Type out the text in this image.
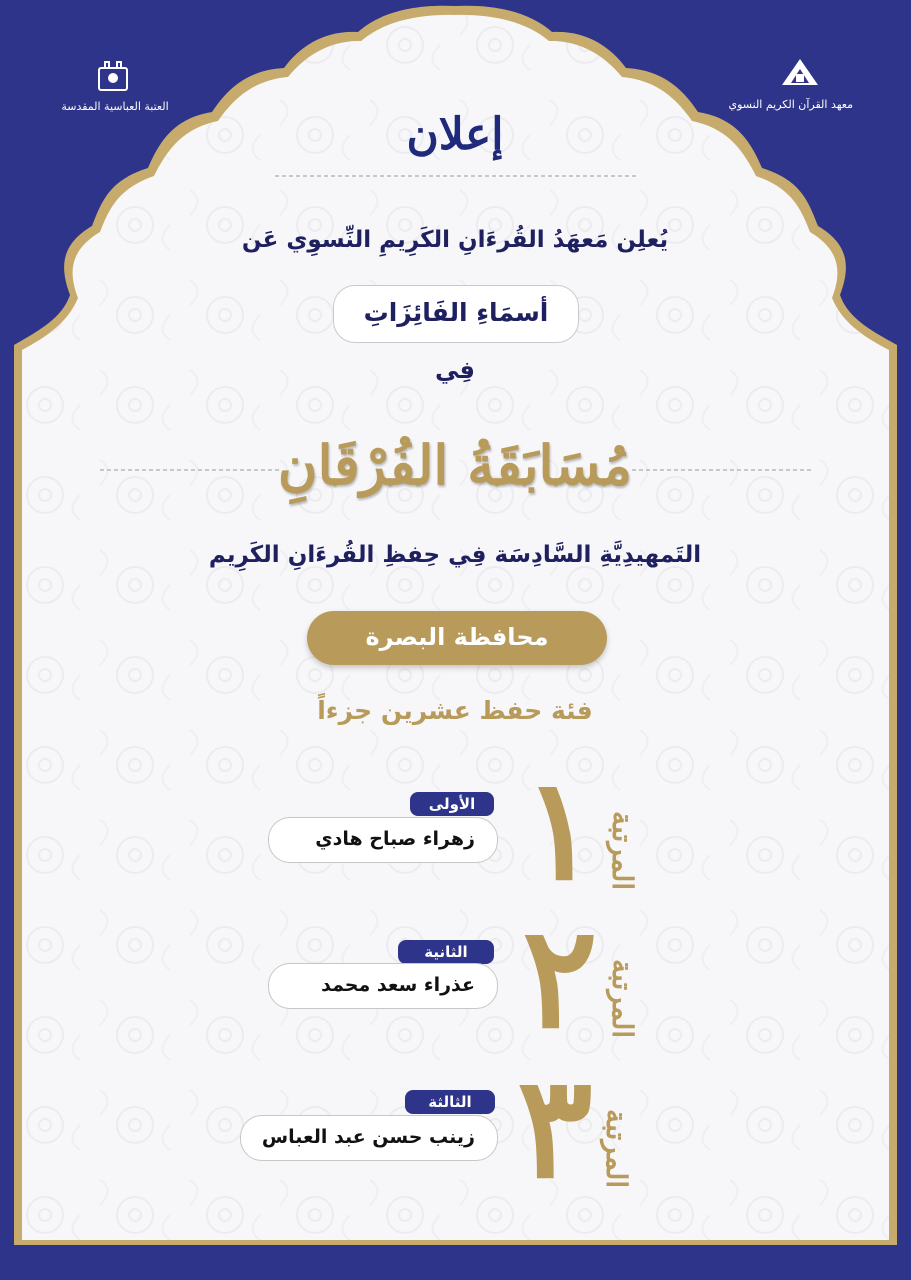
العتبة العباسية المقدسة	معهد القرآن الكريم النسوي
إعلان
يُعلِن مَعهَدُ القُرءَانِ الكَرِيمِ النِّسوِي عَن
أسمَاءِ الفَائِزَاتِ
فِي
مُسَابَقَةُ الفُرْقَانِ
التَمهيدِيَّةِ السَّادِسَة فِي حِفظِ القُرءَانِ الكَرِيم
محافظة البصرة
فئة حفظ عشرين جزءاً
المرتبة
١
الأولى
زهراء صباح هادي
المرتبة
٢
الثانية
عذراء سعد محمد
المرتبة
٣
الثالثة
زينب حسن عبد العباس
